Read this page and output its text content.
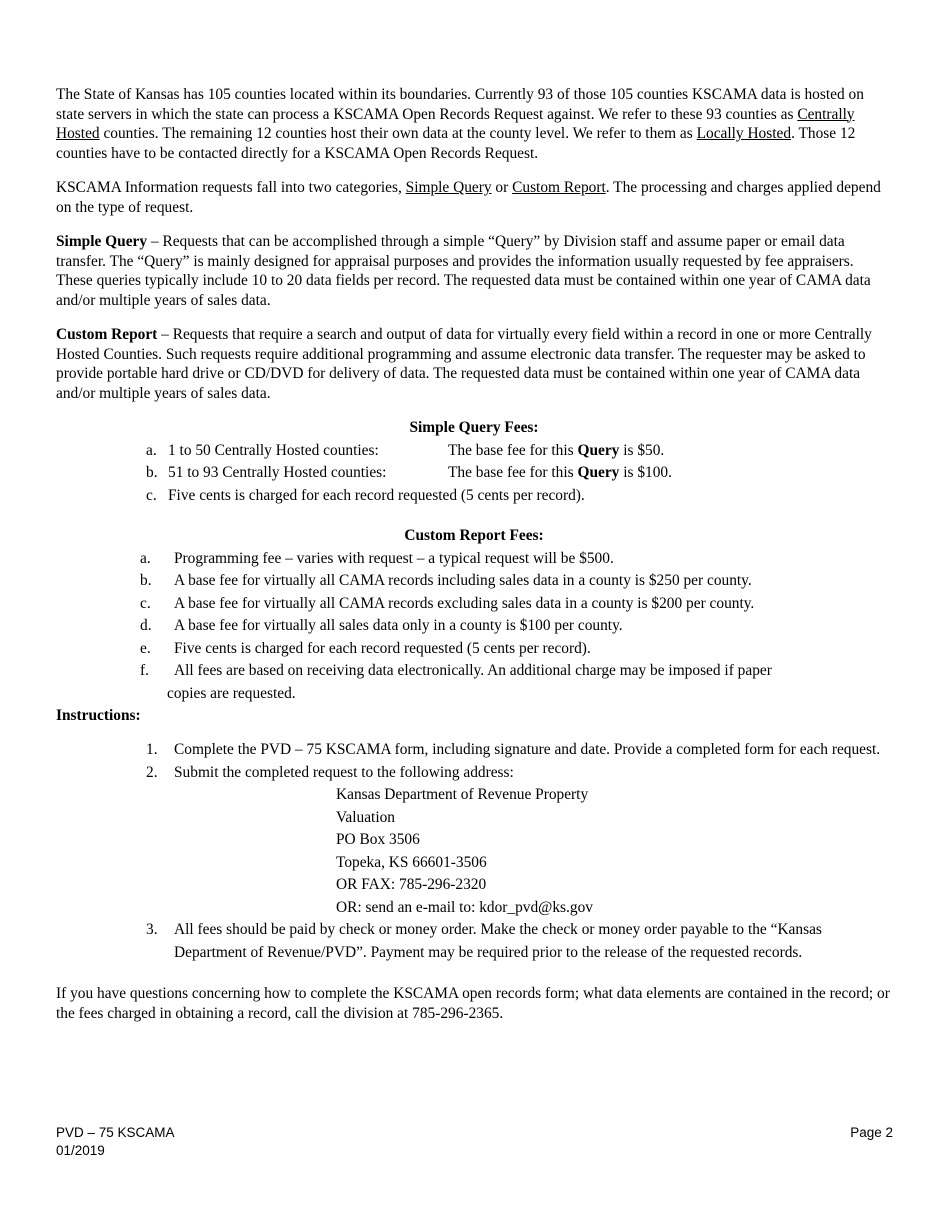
The State of Kansas has 105 counties located within its boundaries. Currently 93 of those 105 counties KSCAMA data is hosted on state servers in which the state can process a KSCAMA Open Records Request against. We refer to these 93 counties as Centrally Hosted counties. The remaining 12 counties host their own data at the county level. We refer to them as Locally Hosted. Those 12 counties have to be contacted directly for a KSCAMA Open Records Request.

KSCAMA Information requests fall into two categories, Simple Query or Custom Report. The processing and charges applied depend on the type of request.

Simple Query – Requests that can be accomplished through a simple “Query” by Division staff and assume paper or email data transfer. The “Query” is mainly designed for appraisal purposes and provides the information usually requested by fee appraisers. These queries typically include 10 to 20 data fields per record. The requested data must be contained within one year of CAMA data and/or multiple years of sales data.

Custom Report – Requests that require a search and output of data for virtually every field within a record in one or more Centrally Hosted Counties. Such requests require additional programming and assume electronic data transfer. The requester may be asked to provide portable hard drive or CD/DVD for delivery of data. The requested data must be contained within one year of CAMA data and/or multiple years of sales data.

Simple Query Fees:
a. 1 to 50 Centrally Hosted counties:	The base fee for this Query is $50.
b. 51 to 93 Centrally Hosted counties:	The base fee for this Query is $100.
c. Five cents is charged for each record requested (5 cents per record).
Custom Report Fees:
a.	Programming fee – varies with request – a typical request will be $500.
b.	A base fee for virtually all CAMA records including sales data in a county is $250 per county.
c.	A base fee for virtually all CAMA records excluding sales data in a county is $200 per county.
d.	A base fee for virtually all sales data only in a county is $100 per county.
e.	Five cents is charged for each record requested (5 cents per record).
f.	All fees are based on receiving data electronically. An additional charge may be imposed if paper
copies are requested.
Instructions:
1.	Complete the PVD – 75 KSCAMA form, including signature and date. Provide a completed form for each request.
2.	Submit the completed request to the following address:
Kansas Department of Revenue Property
Valuation
PO Box 3506
Topeka, KS 66601-3506
OR FAX: 785-296-2320
OR: send an e-mail to: kdor_pvd@ks.gov
3.	All fees should be paid by check or money order. Make the check or money order payable to the “Kansas Department of Revenue/PVD”. Payment may be required prior to the release of the requested records.

If you have questions concerning how to complete the KSCAMA open records form; what data elements are contained in the record; or the fees charged in obtaining a record, call the division at 785-296-2365.

PVD – 75 KSCAMA
01/2019
Page 2
